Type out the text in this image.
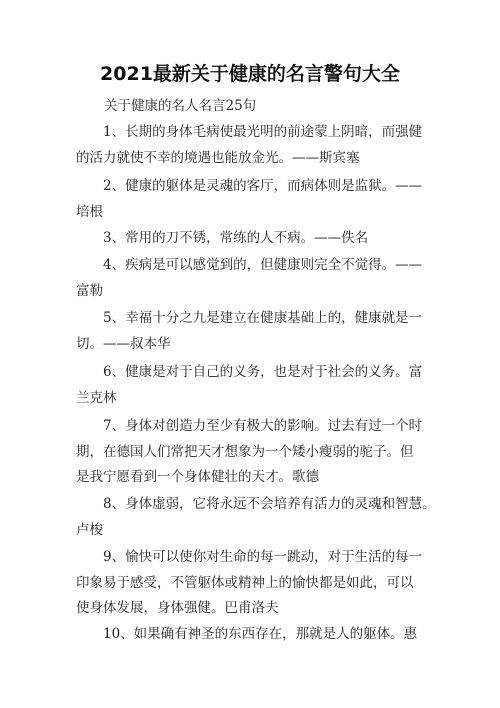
2021最新关于健康的名言警句大全
关于健康的名人名言25句
1、长期的身体毛病使最光明的前途蒙上阴暗，而强健
的活力就使不幸的境遇也能放金光。——斯宾塞
2、健康的躯体是灵魂的客厅，而病体则是监狱。——
培根
3、常用的刀不锈，常练的人不病。——佚名
4、疾病是可以感觉到的，但健康则完全不觉得。——
富勒
5、幸福十分之九是建立在健康基础上的，健康就是一
切。——叔本华
6、健康是对于自己的义务，也是对于社会的义务。富
兰克林
7、身体对创造力至少有极大的影响。过去有过一个时
期，在德国人们常把天才想象为一个矮小瘦弱的驼子。但
是我宁愿看到一个身体健壮的天才。歌德
8、身体虚弱，它将永远不会培养有活力的灵魂和智慧。
卢梭
9、愉快可以使你对生命的每一跳动，对于生活的每一
印象易于感受，不管躯体或精神上的愉快都是如此，可以
使身体发展，身体强健。巴甫洛夫
10、如果确有神圣的东西存在，那就是人的躯体。惠
